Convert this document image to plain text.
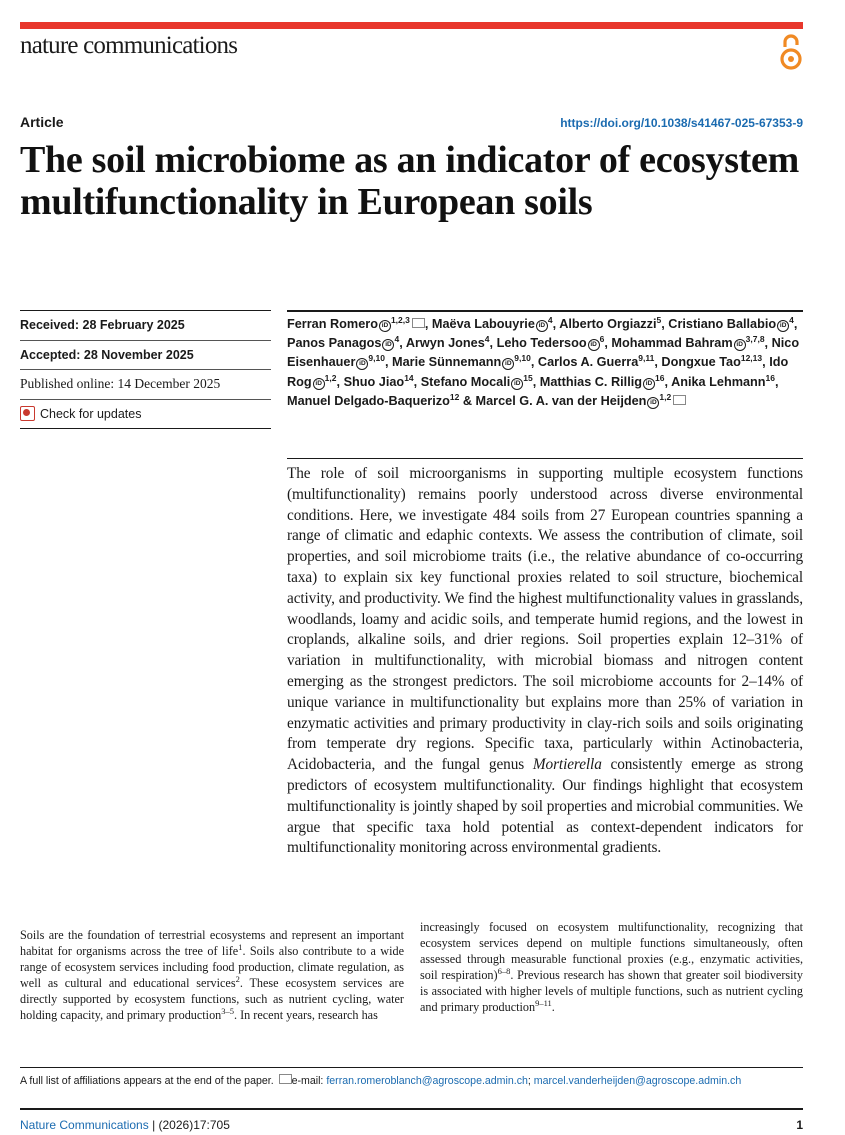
nature communications
Article	https://doi.org/10.1038/s41467-025-67353-9
The soil microbiome as an indicator of ecosystem multifunctionality in European soils
Received: 28 February 2025
Accepted: 28 November 2025
Published online: 14 December 2025
Check for updates
Ferran Romero iD$^{1,2,3}$ , Maëva Labouyrie $iD^4$, Alberto Orgiazzi$^5$, Cristiano Ballabio $iD^4$, Panos Panagos $iD^4$, Arwyn Jones$^4$, Leho Tedersoo $iD^6$, Mohammad Bahram iD$^{3,7,8}$, Nico Eisenhauer iD$^{9,10}$, Marie Sünnemann iD$^{9,10}$, Carlos A. Guerra$^{9,11}$, Dongxue Tao$^{12,13}$, Ido Rog iD$^{1,2}$, Shuo Jiao$^{14}$, Stefano Mocali $iD^{15}$, Matthias C. Rillig $iD^{16}$, Anika Lehmann$^{16}$, Manuel Delgado-Baquerizo$^{12}$ & Marcel G. A. van der Heijden iD$^{1,2}$

The role of soil microorganisms in supporting multiple ecosystem functions (multifunctionality) remains poorly understood across diverse environmental conditions. Here, we investigate 484 soils from 27 European countries spanning a range of climatic and edaphic contexts. We assess the contribution of climate, soil properties, and soil microbiome traits (i.e., the relative abundance of co-occurring taxa) to explain six key functional proxies related to soil structure, biochemical activity, and productivity. We find the highest multifunctionality values in grasslands, woodlands, loamy and acidic soils, and temperate humid regions, and the lowest in croplands, alkaline soils, and drier regions. Soil properties explain 12–31% of variation in multifunctionality, with microbial biomass and nitrogen content emerging as the strongest predictors. The soil microbiome accounts for 2–14% of unique variance in multifunctionality but explains more than 25% of variation in enzymatic activities and primary productivity in clay-rich soils and soils originating from temperate dry regions. Specific taxa, particularly within Actinobacteria, Acidobacteria, and the fungal genus Mortierella consistently emerge as strong predictors of ecosystem multifunctionality. Our findings highlight that ecosystem multifunctionality is jointly shaped by soil properties and microbial communities. We argue that specific taxa hold potential as context-dependent indicators for multifunctionality monitoring across environmental gradients.

Soils are the foundation of terrestrial ecosystems and represent an important habitat for organisms across the tree of life$^1$. Soils also contribute to a wide range of ecosystem services including food production, climate regulation, as well as cultural and educational services$^2$. These ecosystem services are directly supported by ecosystem functions, such as nutrient cycling, water holding capacity, and primary production$^{3-5}$. In recent years, research has

increasingly focused on ecosystem multifunctionality, recognizing that ecosystem services depend on multiple functions simultaneously, often assessed through measurable functional proxies (e.g., enzymatic activities, soil respiration)$^{6-8}$. Previous research has shown that greater soil biodiversity is associated with higher levels of multiple functions, such as nutrient cycling and primary production$^{9-11}$.

A full list of affiliations appears at the end of the paper. e-mail: ferran.romeroblanch@agroscope.admin.ch; marcel.vanderheijden@agroscope.admin.ch
Nature Communications | (2026)17:705	1
